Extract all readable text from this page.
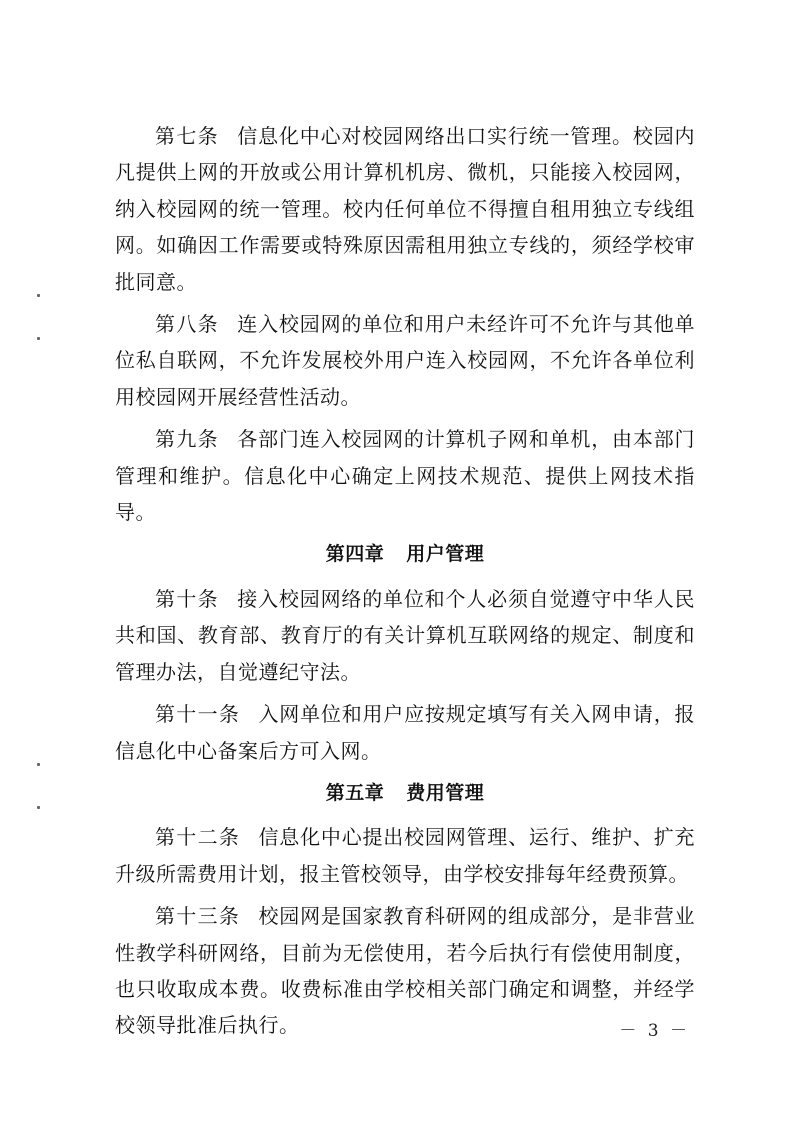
第七条 信息化中心对校园网络出口实行统一管理。校园内凡提供上网的开放或公用计算机机房、微机，只能接入校园网，纳入校园网的统一管理。校内任何单位不得擅自租用独立专线组网。如确因工作需要或特殊原因需租用独立专线的，须经学校审批同意。

第八条 连入校园网的单位和用户未经许可不允许与其他单位私自联网，不允许发展校外用户连入校园网，不允许各单位利用校园网开展经营性活动。

第九条 各部门连入校园网的计算机子网和单机，由本部门管理和维护。信息化中心确定上网技术规范、提供上网技术指导。

第四章 用户管理

第十条 接入校园网络的单位和个人必须自觉遵守中华人民共和国、教育部、教育厅的有关计算机互联网络的规定、制度和管理办法，自觉遵纪守法。

第十一条 入网单位和用户应按规定填写有关入网申请，报信息化中心备案后方可入网。

第五章 费用管理

第十二条 信息化中心提出校园网管理、运行、维护、扩充升级所需费用计划，报主管校领导，由学校安排每年经费预算。

第十三条 校园网是国家教育科研网的组成部分，是非营业性教学科研网络，目前为无偿使用，若今后执行有偿使用制度，也只收取成本费。收费标准由学校相关部门确定和调整，并经学校领导批准后执行。	－ 3 －
